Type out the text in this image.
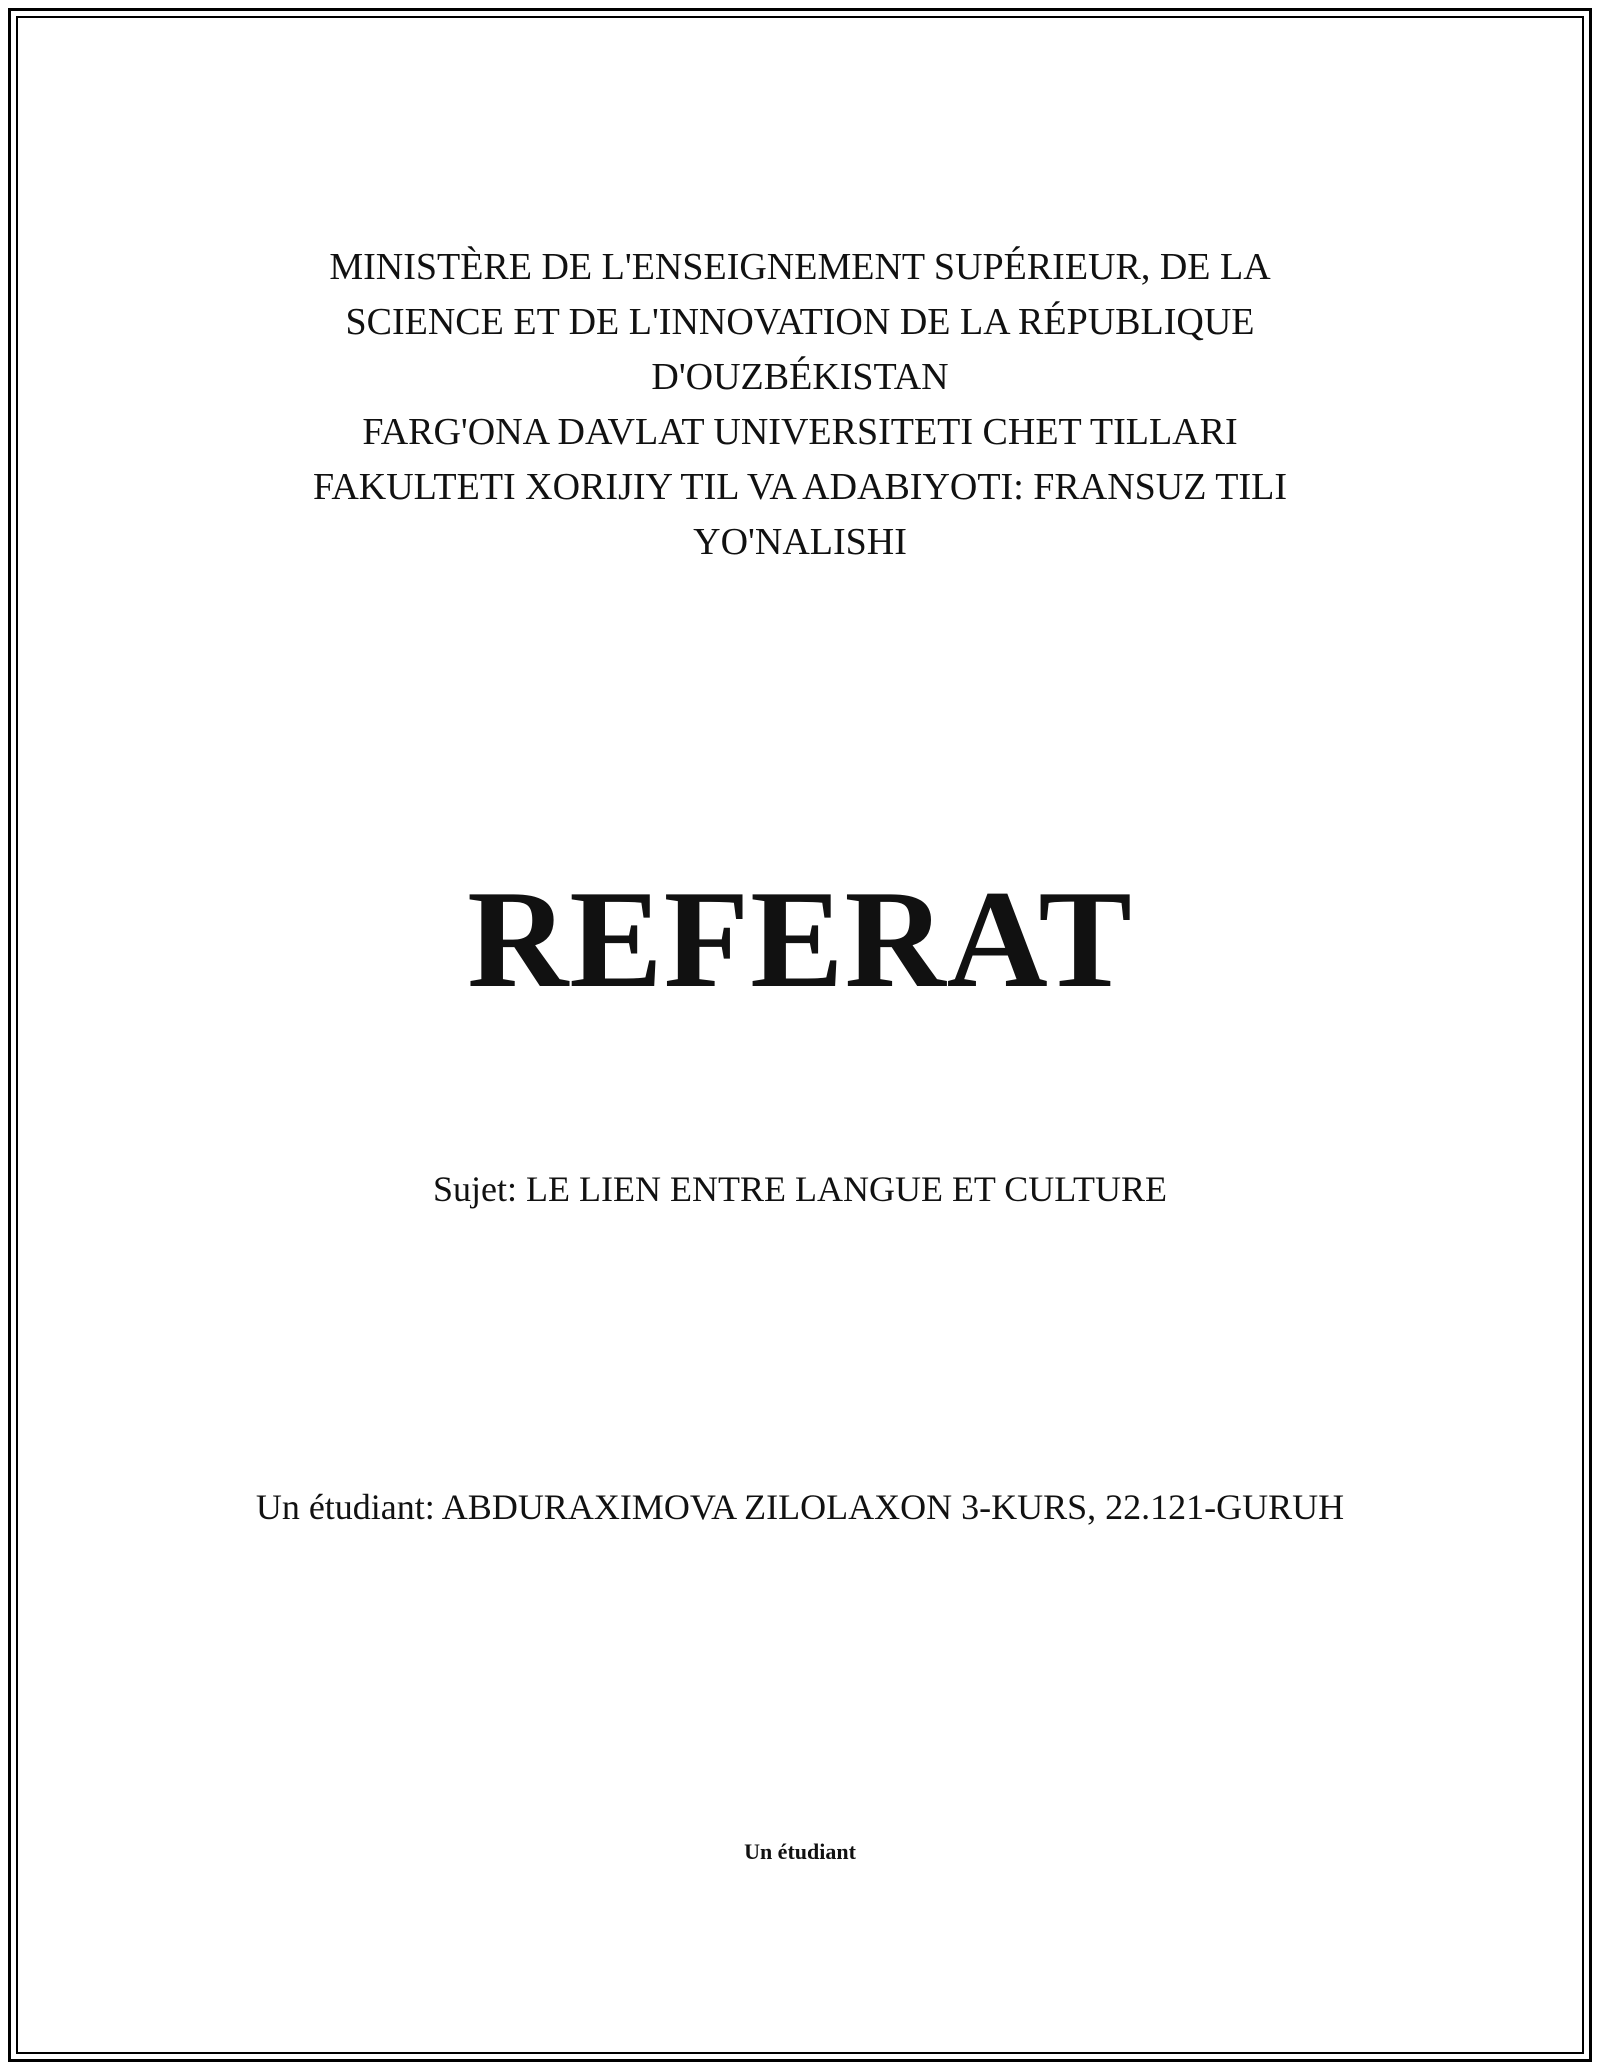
MINISTÈRE DE L'ENSEIGNEMENT SUPÉRIEUR, DE LA
SCIENCE ET DE L'INNOVATION DE LA RÉPUBLIQUE
D'OUZBÉKISTAN
FARG'ONA DAVLAT UNIVERSITETI CHET TILLARI
FAKULTETI XORIJIY TIL VA ADABIYOTI: FRANSUZ TILI
YO'NALISHI
REFERAT
Sujet: LE LIEN ENTRE LANGUE ET CULTURE
Un étudiant: ABDURAXIMOVA ZILOLAXON 3-KURS, 22.121-GURUH
Un étudiant
